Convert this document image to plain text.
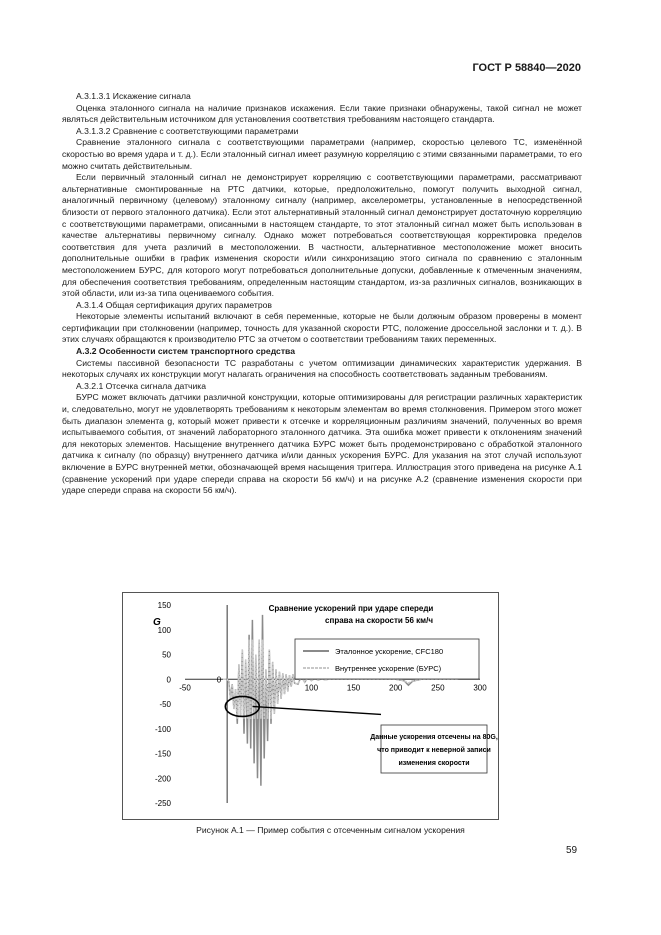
ГОСТ Р 58840—2020

А.3.1.3.1 Искажение сигнала

Оценка эталонного сигнала на наличие признаков искажения. Если такие признаки обнаружены, такой сигнал не может являться действительным источником для установления соответствия требованиям настоящего стандарта.

А.3.1.3.2 Сравнение с соответствующими параметрами

Сравнение эталонного сигнала с соответствующими параметрами (например, скоростью целевого ТС, изменённой скоростью во время удара и т. д.). Если эталонный сигнал имеет разумную корреляцию с этими связанными параметрами, то его можно считать действительным.

Если первичный эталонный сигнал не демонстрирует корреляцию с соответствующими параметрами, рассматривают альтернативные смонтированные на РТС датчики, которые, предположительно, помогут получить выходной сигнал, аналогичный первичному (целевому) эталонному сигналу (например, акселерометры, установленные в непосредственной близости от первого эталонного датчика). Если этот альтернативный эталонный сигнал демонстрирует достаточную корреляцию с соответствующими параметрами, описанными в настоящем стандарте, то этот эталонный сигнал может быть использован в качестве альтернативы первичному сигналу. Однако может потребоваться соответствующая корректировка пределов соответствия для учета различий в местоположении. В частности, альтернативное местоположение может вносить дополнительные ошибки в график изменения скорости и/или синхронизацию этого сигнала по сравнению с эталонным местоположением БУРС, для которого могут потребоваться дополнительные допуски, добавленные к отмеченным значениям, для обеспечения соответствия требованиям, определенным настоящим стандартом, из-за различных сигналов, возникающих в этой области, или из-за типа оцениваемого события.

А.3.1.4 Общая сертификация других параметров

Некоторые элементы испытаний включают в себя переменные, которые не были должным образом проверены в момент сертификации при столкновении (например, точность для указанной скорости РТС, положение дроссельной заслонки и т. д.). В этих случаях обращаются к производителю РТС за отчетом о соответствии требованиям таких переменных.

А.3.2 Особенности систем транспортного средства

Системы пассивной безопасности ТС разработаны с учетом оптимизации динамических характеристик удержания. В некоторых случаях их конструкции могут налагать ограничения на способность соответствовать заданным требованиям.

А.3.2.1 Отсечка сигнала датчика

БУРС может включать датчики различной конструкции, которые оптимизированы для регистрации различных характеристик и, следовательно, могут не удовлетворять требованиям к некоторым элементам во время столкновения. Примером этого может быть диапазон элемента g, который может привести к отсечке и корреляционным различиям значений, полученных во время испытываемого события, от значений лабораторного эталонного датчика. Эта ошибка может привести к отклонениям значений для некоторых элементов. Насыщение внутреннего датчика БУРС может быть продемонстрировано с обработкой эталонного датчика к сигналу (по образцу) внутреннего датчика и/или данных ускорения БУРС. Для указания на этот случай используют включение в БУРС внутренней метки, обозначающей время насыщения триггера. Иллюстрация этого приведена на рисунке А.1 (сравнение ускорений при ударе спереди справа на скорости 56 км/ч) и на рисунке А.2 (сравнение изменения скорости при ударе спереди справа на скорости 56 км/ч).

150
100
50
0
-50
-100
-150
-200
-250
-50	50	100	150	200	250	300
0
G
Сравнение ускорений при ударе спереди
справа на скорости 56 км/ч
Эталонное ускорение, CFC180
Внутреннее ускорение (БУРС)
Данные ускорения отсечены на 80G,
что приводит к неверной записи
изменения скорости
Рисунок А.1 — Пример события с отсеченным сигналом ускорения
59
